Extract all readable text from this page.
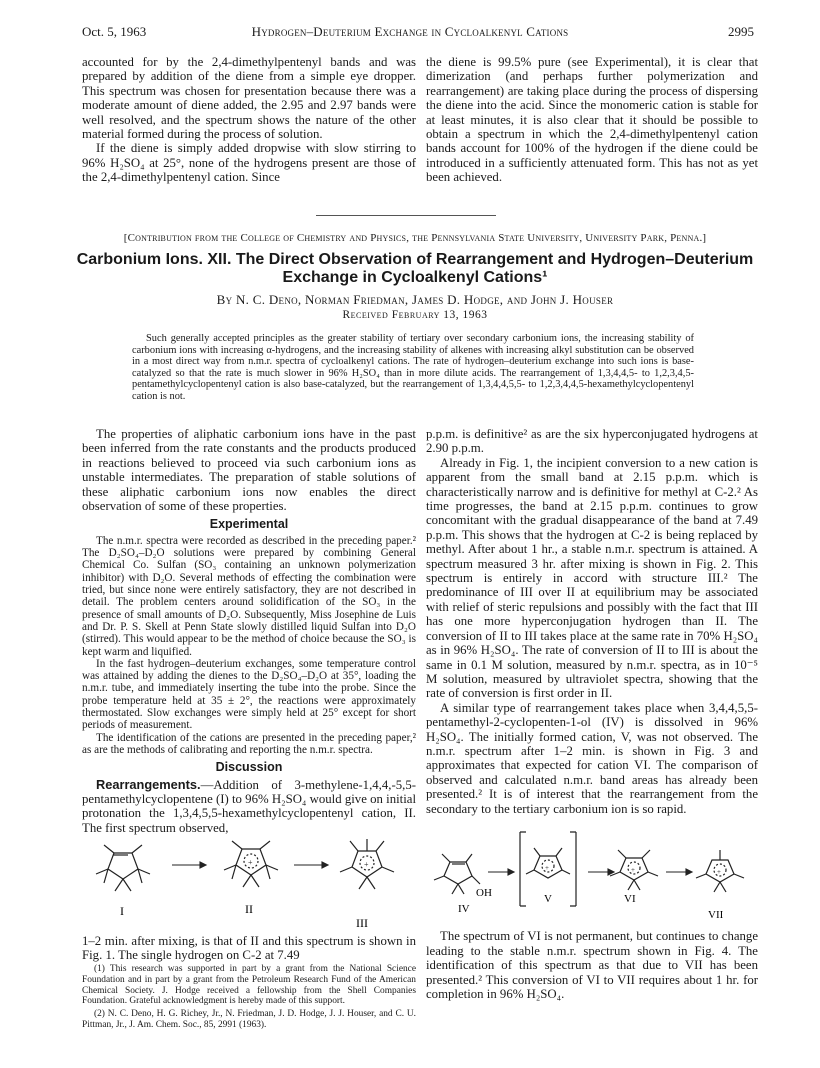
Oct. 5, 1963	Hydrogen–Deuterium Exchange in Cycloalkenyl Cations	2995

accounted for by the 2,4-dimethylpentenyl bands and was prepared by addition of the diene from a simple eye dropper. This spectrum was chosen for presentation because there was a moderate amount of diene added, the 2.95 and 2.97 bands were well resolved, and the spectrum shows the nature of the other material formed during the process of solution.

If the diene is simply added dropwise with slow stirring to 96% H₂SO₄ at 25°, none of the hydrogens present are those of the 2,4-dimethylpentenyl cation. Since

the diene is 99.5% pure (see Experimental), it is clear that dimerization (and perhaps further polymerization and rearrangement) are taking place during the process of dispersing the diene into the acid. Since the monomeric cation is stable for at least minutes, it is also clear that it should be possible to obtain a spectrum in which the 2,4-dimethylpentenyl cation bands account for 100% of the hydrogen if the diene could be introduced in a sufficiently attenuated form. This has not as yet been achieved.

[Contribution from the College of Chemistry and Physics, the Pennsylvania State University, University Park, Penna.]
Carbonium Ions. XII. The Direct Observation of Rearrangement and Hydrogen–Deuterium
Exchange in Cycloalkenyl Cations¹
By N. C. Deno, Norman Friedman, James D. Hodge, and John J. Houser
Received February 13, 1963
Such generally accepted principles as the greater stability of tertiary over secondary carbonium ions, the increasing stability of carbonium ions with increasing α-hydrogens, and the increasing stability of alkenes with increasing alkyl substitution can be observed in a most direct way from n.m.r. spectra of cycloalkenyl cations. The rate of hydrogen–deuterium exchange into such ions is base-catalyzed so that the rate is much slower in 96% H₂SO₄ than in more dilute acids. The rearrangement of 1,3,4,4,5- to 1,2,3,4,5-pentamethylcyclopentenyl cation is also base-catalyzed, but the rearrangement of 1,3,4,4,5,5- to 1,2,3,4,4,5-hexamethylcyclopentenyl cation is not.

The properties of aliphatic carbonium ions have in the past been inferred from the rate constants and the products produced in reactions believed to proceed via such carbonium ions as unstable intermediates. The preparation of stable solutions of these aliphatic carbonium ions now enables the direct observation of some of these properties.

Experimental

The n.m.r. spectra were recorded as described in the preceding paper.² The D₂SO₄–D₂O solutions were prepared by combining General Chemical Co. Sulfan (SO₃ containing an unknown polymerization inhibitor) with D₂O. Several methods of effecting the combination were tried, but since none were entirely satisfactory, they are not described in detail. The problem centers around solidification of the SO₃ in the presence of small amounts of D₂O. Subsequently, Miss Josephine de Luis and Dr. P. S. Skell at Penn State slowly distilled liquid Sulfan into D₂O (stirred). This would appear to be the method of choice because the SO₃ is kept warm and liquified.

In the fast hydrogen–deuterium exchanges, some temperature control was attained by adding the dienes to the D₂SO₄–D₂O at 35°, loading the n.m.r. tube, and immediately inserting the tube into the probe. Since the probe temperature held at 35 ± 2°, the reactions were approximately thermostated. Slow exchanges were simply held at 25° except for short periods of measurement.

The identification of the cations are presented in the preceding paper,² as are the methods of calibrating and reporting the n.m.r. spectra.

Discussion

Rearrangements.—Addition of 3-methylene-1,4,4,-5,5-pentamethylcyclopentene (I) to 96% H₂SO₄ would give on initial protonation the 1,3,4,5,5-hexamethylcyclopentenyl cation, II. The first spectrum observed,

+	+
I	II
III

1–2 min. after mixing, is that of II and this spectrum is shown in Fig. 1. The single hydrogen on C-2 at 7.49

(1) This research was supported in part by a grant from the National Science Foundation and in part by a grant from the Petroleum Research Fund of the American Chemical Society. J. Hodge received a fellowship from the Shell Companies Foundation. Grateful acknowledgment is hereby made of this support.

(2) N. C. Deno, H. G. Richey, Jr., N. Friedman, J. D. Hodge, J. J. Houser, and C. U. Pittman, Jr., J. Am. Chem. Soc., 85, 2991 (1963).

p.p.m. is definitive² as are the six hyperconjugated hydrogens at 2.90 p.p.m.

Already in Fig. 1, the incipient conversion to a new cation is apparent from the small band at 2.15 p.p.m. which is characteristically narrow and is definitive for methyl at C-2.² As time progresses, the band at 2.15 p.p.m. continues to grow concomitant with the gradual disappearance of the band at 7.49 p.p.m. This shows that the hydrogen at C-2 is being replaced by methyl. After about 1 hr., a stable n.m.r. spectrum is attained. A spectrum measured 3 hr. after mixing is shown in Fig. 2. This spectrum is entirely in accord with structure III.² The predominance of III over II at equilibrium may be associated with relief of steric repulsions and possibly with the fact that III has one more hyperconjugation hydrogen than II. The conversion of II to III takes place at the same rate in 70% H₂SO₄ as in 96% H₂SO₄. The rate of conversion of II to III is about the same in 0.1 M solution, measured by n.m.r. spectra, as in 10⁻⁵ M solution, measured by ultraviolet spectra, showing that the rate of conversion is first order in II.

A similar type of rearrangement takes place when 3,4,4,5,5-pentamethyl-2-cyclopenten-1-ol (IV) is dissolved in 96% H₂SO₄. The initially formed cation, V, was not observed. The n.m.r. spectrum after 1–2 min. is shown in Fig. 3 and approximates that expected for cation VI. The comparison of observed and calculated n.m.r. band areas has already been presented.² It is of interest that the rearrangement from the secondary to the tertiary carbonium ion is so rapid.

OH
+	+	+
IV
V	VI
VII

The spectrum of VI is not permanent, but continues to change leading to the stable n.m.r. spectrum shown in Fig. 4. The identification of this spectrum as that due to VII has been presented.² This conversion of VI to VII requires about 1 hr. for completion in 96% H₂SO₄.
